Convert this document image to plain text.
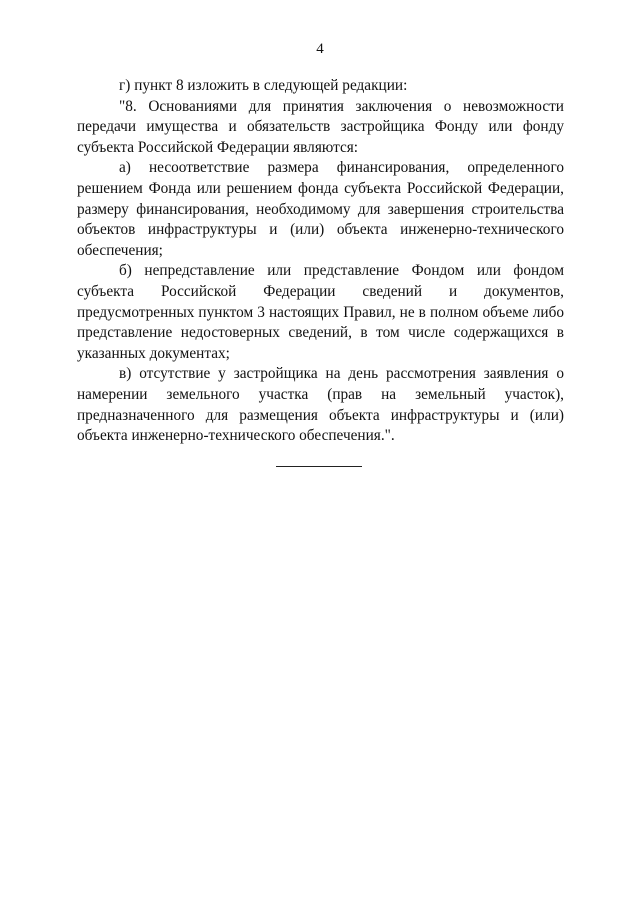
4

г) пункт 8 изложить в следующей редакции:

"8. Основаниями для принятия заключения о невозможности передачи имущества и обязательств застройщика Фонду или фонду субъекта Российской Федерации являются:

а) несоответствие размера финансирования, определенного решением Фонда или решением фонда субъекта Российской Федерации, размеру финансирования, необходимому для завершения строительства объектов инфраструктуры и (или) объекта инженерно-технического обеспечения;

б) непредставление или представление Фондом или фондом субъекта Российской Федерации сведений и документов, предусмотренных пунктом 3 настоящих Правил, не в полном объеме либо представление недостоверных сведений, в том числе содержащихся в указанных документах;

в) отсутствие у застройщика на день рассмотрения заявления о намерении земельного участка (прав на земельный участок), предназначенного для размещения объекта инфраструктуры и (или) объекта инженерно-технического обеспечения.".
